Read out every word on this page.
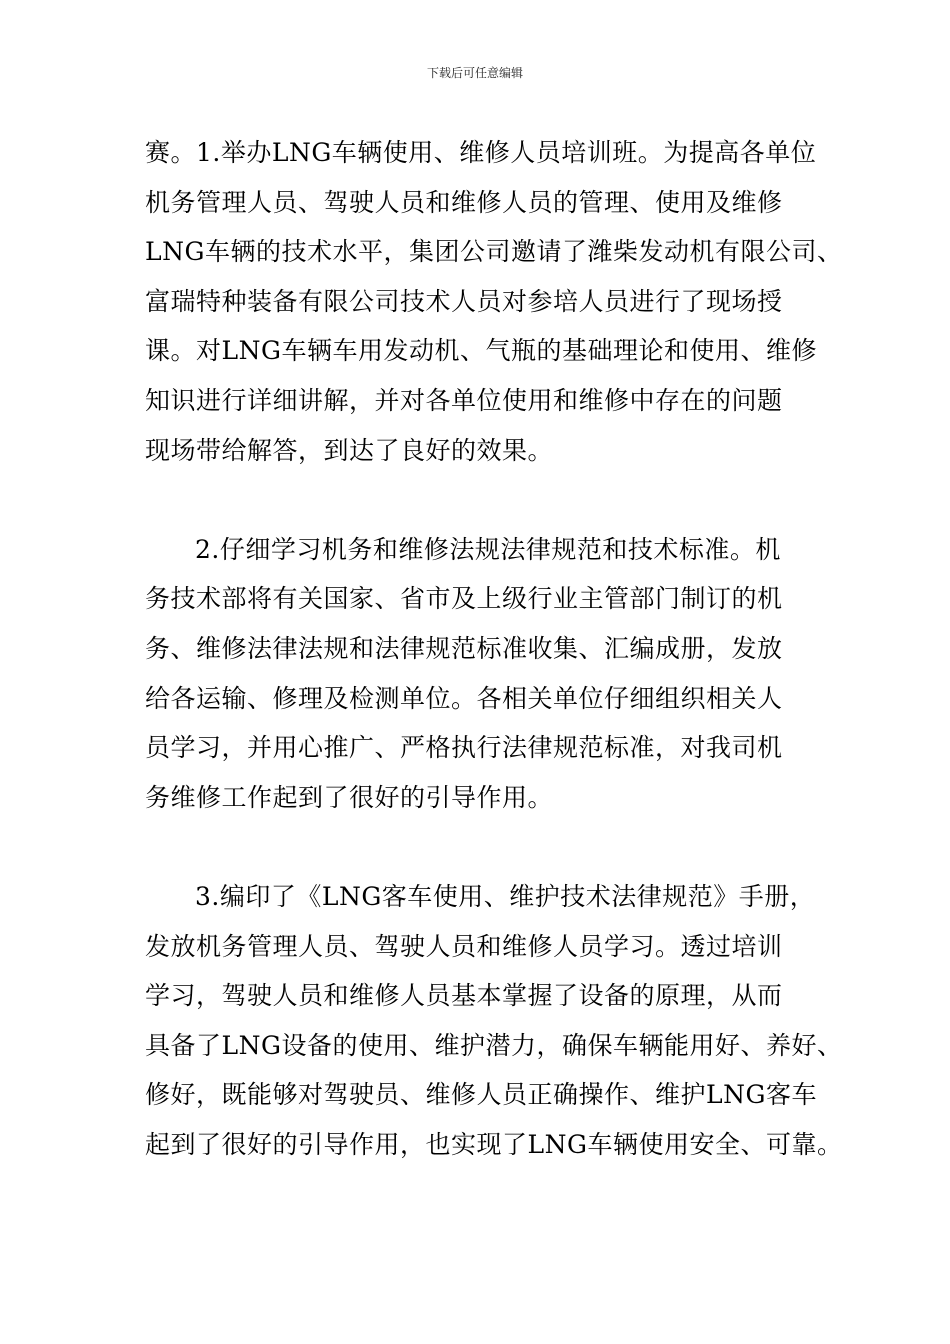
下载后可任意编辑
赛。1.举办LNG车辆使用、维修人员培训班。为提高各单位
机务管理人员、驾驶人员和维修人员的管理、使用及维修
LNG车辆的技术水平，集团公司邀请了潍柴发动机有限公司、
富瑞特种装备有限公司技术人员对参培人员进行了现场授
课。对LNG车辆车用发动机、气瓶的基础理论和使用、维修
知识进行详细讲解，并对各单位使用和维修中存在的问题
现场带给解答，到达了良好的效果。
2.仔细学习机务和维修法规法律规范和技术标准。机
务技术部将有关国家、省市及上级行业主管部门制订的机
务、维修法律法规和法律规范标准收集、汇编成册，发放
给各运输、修理及检测单位。各相关单位仔细组织相关人
员学习，并用心推广、严格执行法律规范标准，对我司机
务维修工作起到了很好的引导作用。
3.编印了《LNG客车使用、维护技术法律规范》手册，
发放机务管理人员、驾驶人员和维修人员学习。透过培训
学习，驾驶人员和维修人员基本掌握了设备的原理，从而
具备了LNG设备的使用、维护潜力，确保车辆能用好、养好、
修好，既能够对驾驶员、维修人员正确操作、维护LNG客车
起到了很好的引导作用，也实现了LNG车辆使用安全、可靠。
